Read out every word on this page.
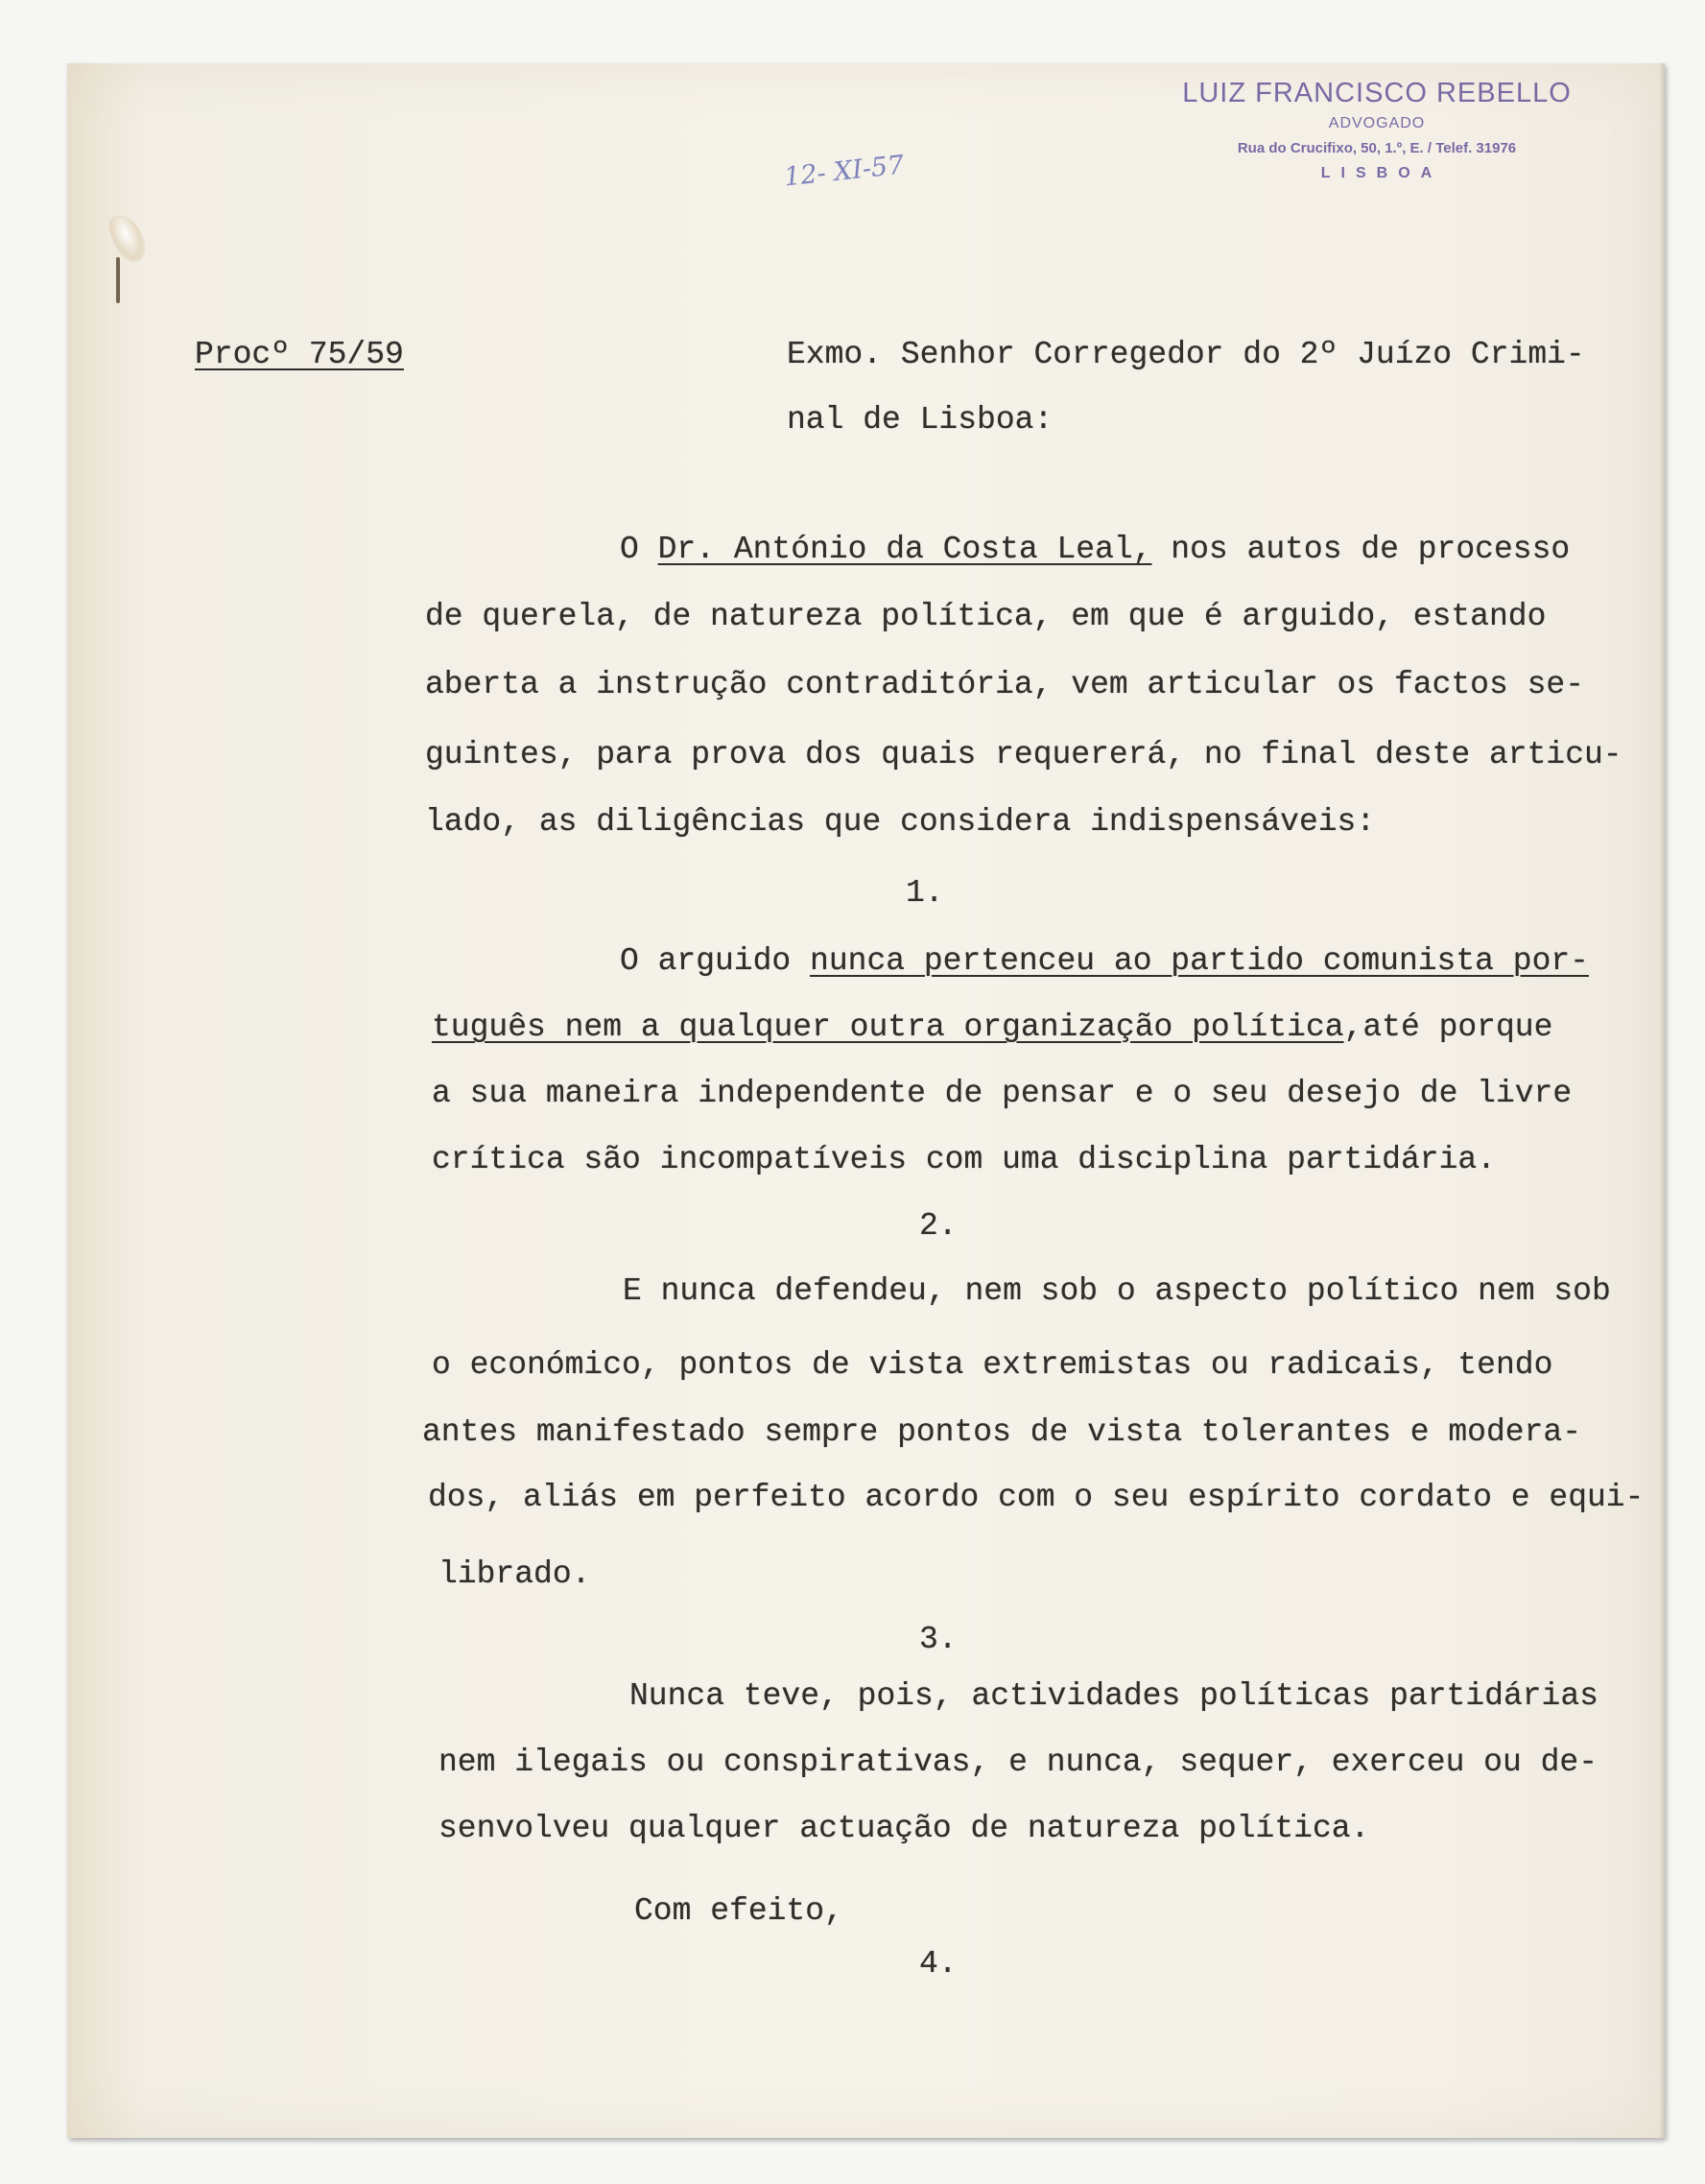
LUIZ FRANCISCO REBELLO
ADVOGADO
Rua do Crucifixo, 50, 1.º, E. / Telef. 31976
LISBOA
12- XI-57
Procº 75/59	Exmo. Senhor Corregedor do 2º Juízo Crimi-
nal de Lisboa:
O Dr. António da Costa Leal, nos autos de processo
de querela, de natureza política, em que é arguido, estando
aberta a instrução contraditória, vem articular os factos se-
guintes, para prova dos quais requererá, no final deste articu-
lado, as diligências que considera indispensáveis:
1.
O arguido nunca pertenceu ao partido comunista por-
tuguês nem a qualquer outra organização política,até porque
a sua maneira independente de pensar e o seu desejo de livre
crítica são incompatíveis com uma disciplina partidária.
2.
E nunca defendeu, nem sob o aspecto político nem sob
o económico, pontos de vista extremistas ou radicais, tendo
antes manifestado sempre pontos de vista tolerantes e modera-
dos, aliás em perfeito acordo com o seu espírito cordato e equi-
librado.
3.
Nunca teve, pois, actividades políticas partidárias
nem ilegais ou conspirativas, e nunca, sequer, exerceu ou de-
senvolveu qualquer actuação de natureza política.
Com efeito,
4.
